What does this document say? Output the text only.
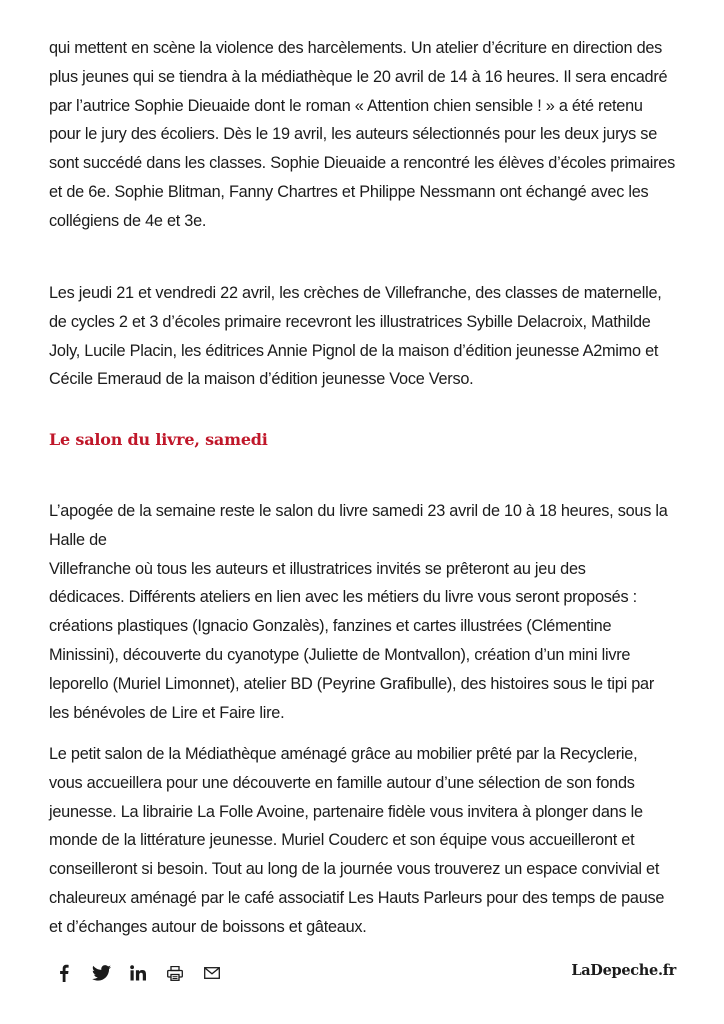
qui mettent en scène la violence des harcèlements. Un atelier d’écriture en direction des
plus jeunes qui se tiendra à la médiathèque le 20 avril de 14 à 16 heures. Il sera encadré
par l’autrice Sophie Dieuaide dont le roman « Attention chien sensible ! » a été retenu
pour le jury des écoliers. Dès le 19 avril, les auteurs sélectionnés pour les deux jurys se
sont succédé dans les classes. Sophie Dieuaide a rencontré les élèves d’écoles primaires
et de 6e. Sophie Blitman, Fanny Chartres et Philippe Nessmann ont échangé avec les
collégiens de 4e et 3e.

Les jeudi 21 et vendredi 22 avril, les crèches de Villefranche, des classes de maternelle,
de cycles 2 et 3 d’écoles primaire recevront les illustratrices Sybille Delacroix, Mathilde
Joly, Lucile Placin, les éditrices Annie Pignol de la maison d’édition jeunesse A2mimo et
Cécile Emeraud de la maison d’édition jeunesse Voce Verso.

Le salon du livre, samedi

L’apogée de la semaine reste le salon du livre samedi 23 avril de 10 à 18 heures, sous la
Halle de
Villefranche où tous les auteurs et illustratrices invités se prêteront au jeu des
dédicaces. Différents ateliers en lien avec les métiers du livre vous seront proposés :
créations plastiques (Ignacio Gonzalès), fanzines et cartes illustrées (Clémentine
Minissini), découverte du cyanotype (Juliette de Montvallon), création d’un mini livre
leporello (Muriel Limonnet), atelier BD (Peyrine Grafibulle), des histoires sous le tipi par
les bénévoles de Lire et Faire lire.

Le petit salon de la Médiathèque aménagé grâce au mobilier prêté par la Recyclerie,
vous accueillera pour une découverte en famille autour d’une sélection de son fonds
jeunesse. La librairie La Folle Avoine, partenaire fidèle vous invitera à plonger dans le
monde de la littérature jeunesse. Muriel Couderc et son équipe vous accueilleront et
conseilleront si besoin. Tout au long de la journée vous trouverez un espace convivial et
chaleureux aménagé par le café associatif Les Hauts Parleurs pour des temps de pause
et d’échanges autour de boissons et gâteaux.

LaDepeche.fr
